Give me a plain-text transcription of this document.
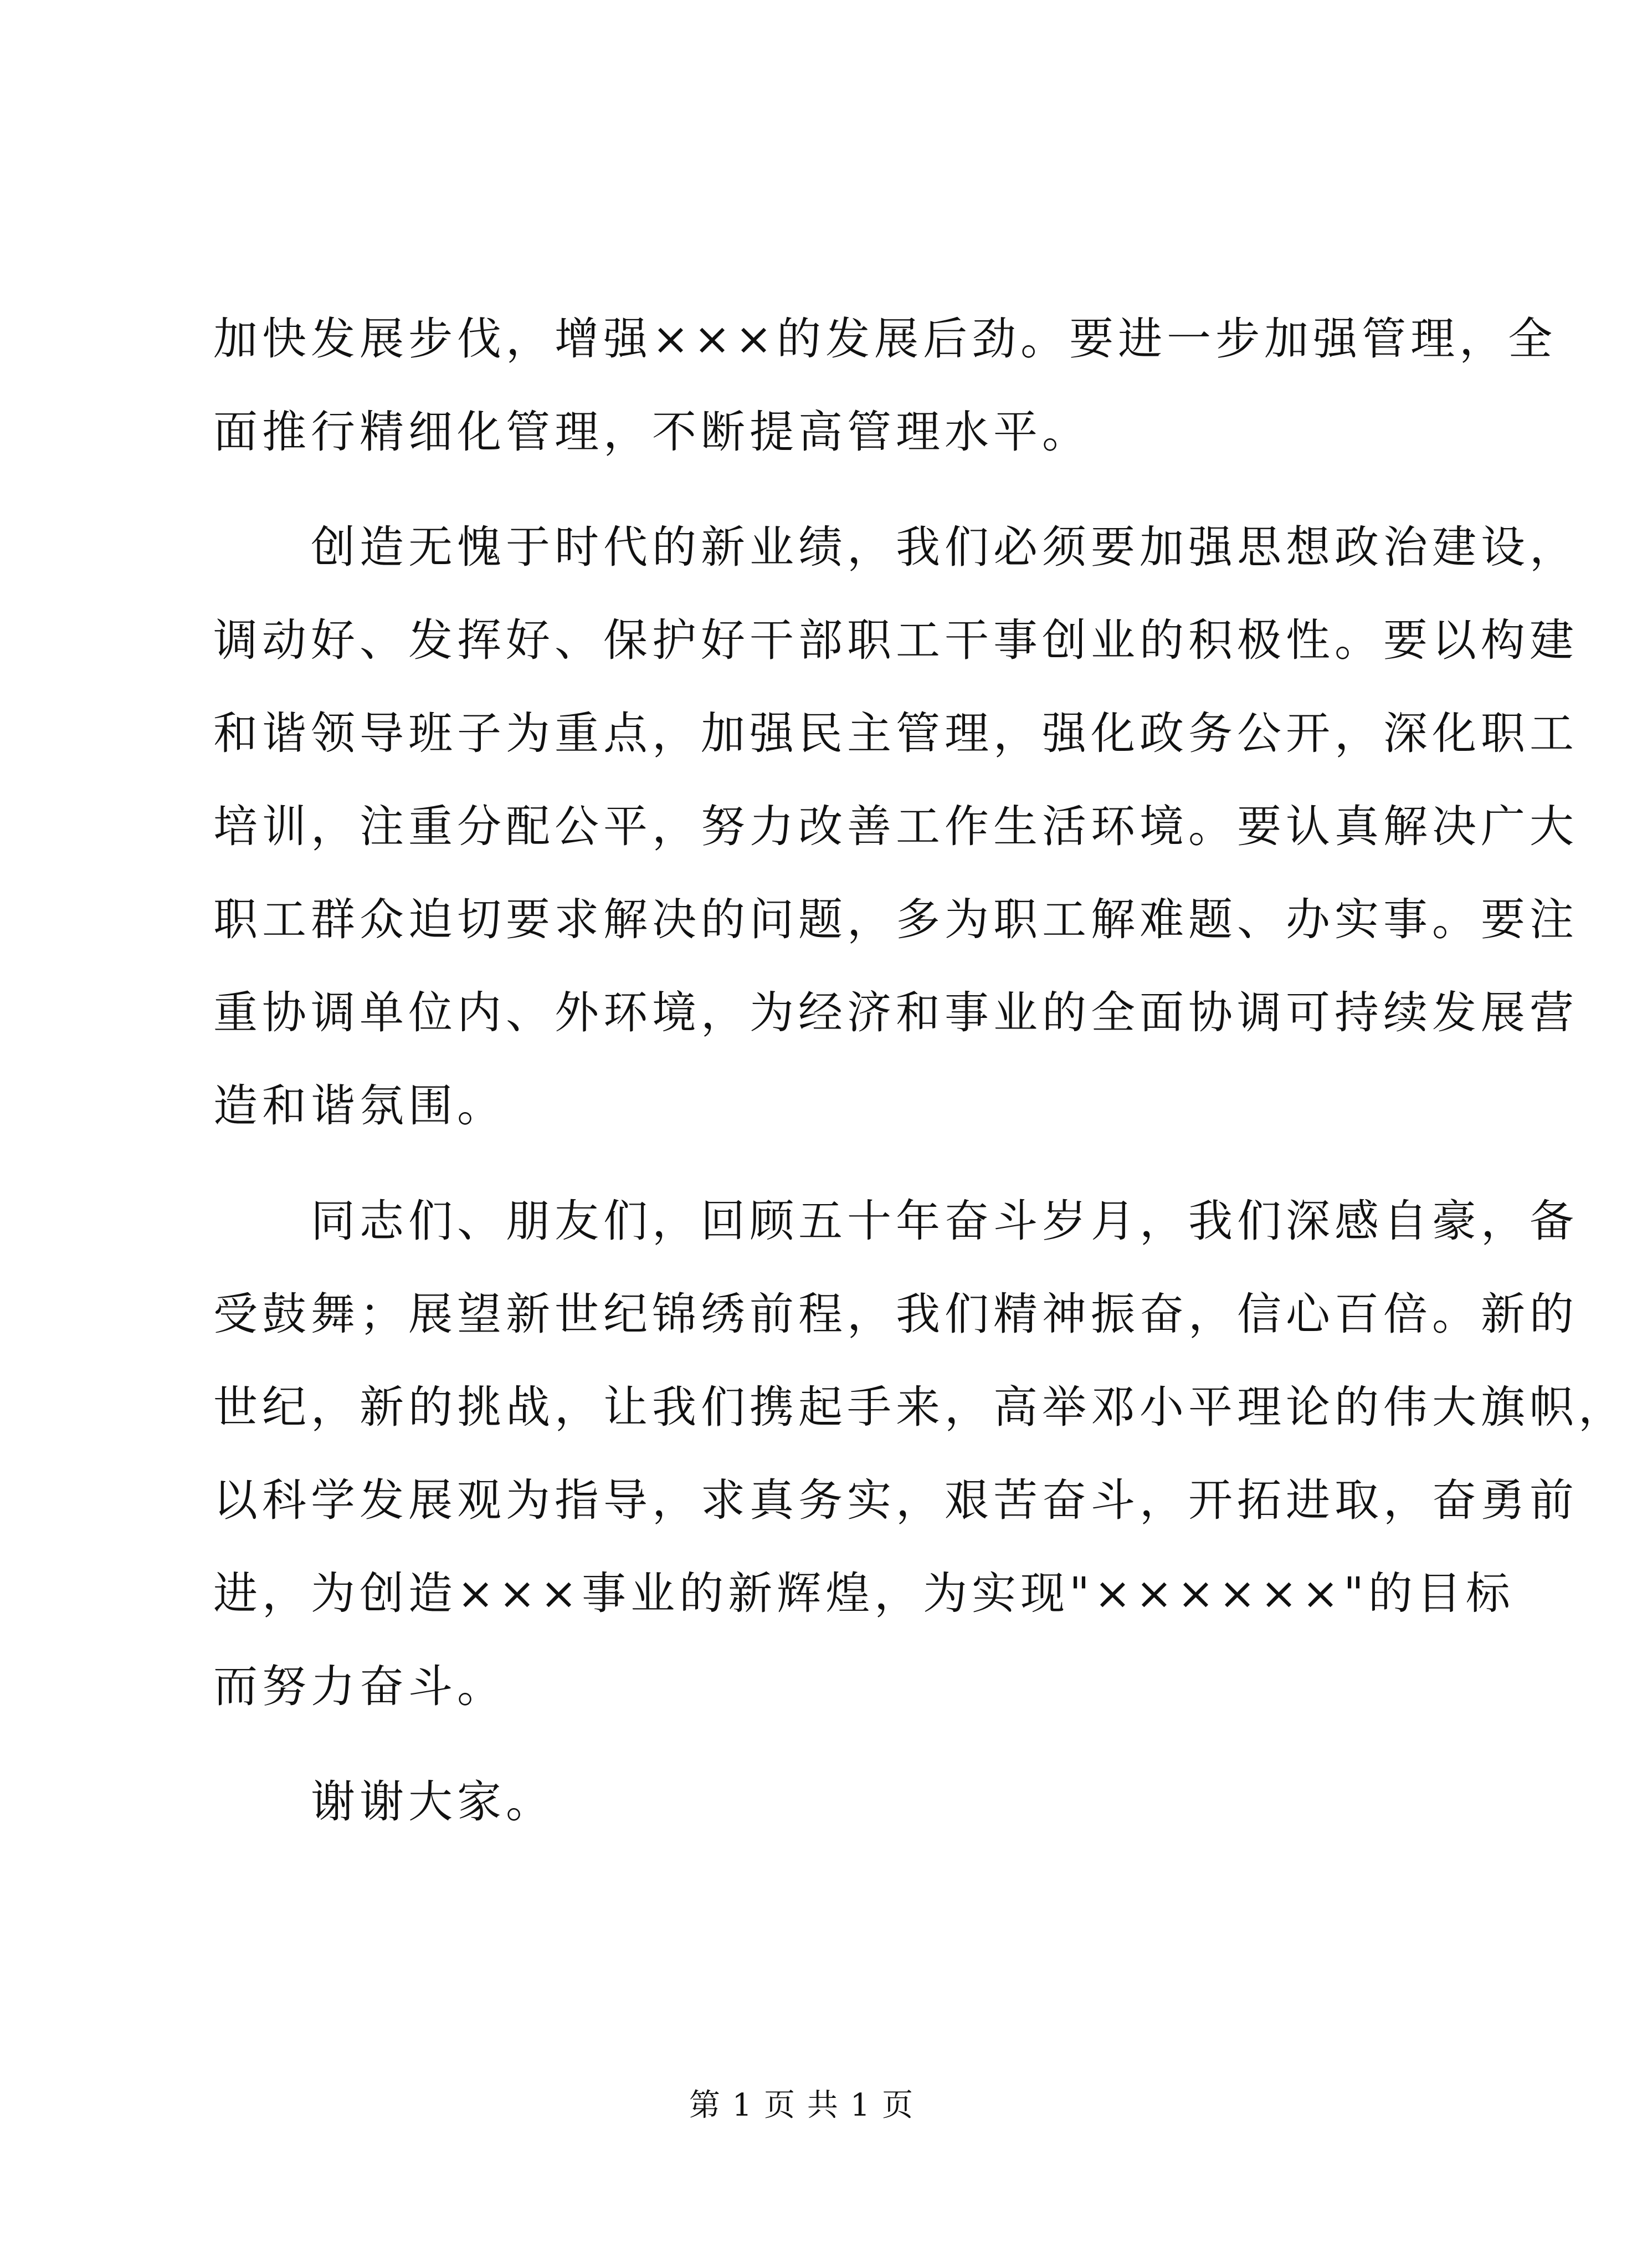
加快发展步伐，增强×××的发展后劲。要进一步加强管理，全
面推行精细化管理，不断提高管理水平。
　　创造无愧于时代的新业绩，我们必须要加强思想政治建设，
调动好、发挥好、保护好干部职工干事创业的积极性。要以构建
和谐领导班子为重点，加强民主管理，强化政务公开，深化职工
培训，注重分配公平，努力改善工作生活环境。要认真解决广大
职工群众迫切要求解决的问题，多为职工解难题、办实事。要注
重协调单位内、外环境，为经济和事业的全面协调可持续发展营
造和谐氛围。
　　同志们、朋友们，回顾五十年奋斗岁月，我们深感自豪，备
受鼓舞；展望新世纪锦绣前程，我们精神振奋，信心百倍。新的
世纪，新的挑战，让我们携起手来，高举邓小平理论的伟大旗帜，
以科学发展观为指导，求真务实，艰苦奋斗，开拓进取，奋勇前
进，为创造×××事业的新辉煌，为实现"××××××"的目标
而努力奋斗。
　　谢谢大家。
第 1 页 共 1 页
